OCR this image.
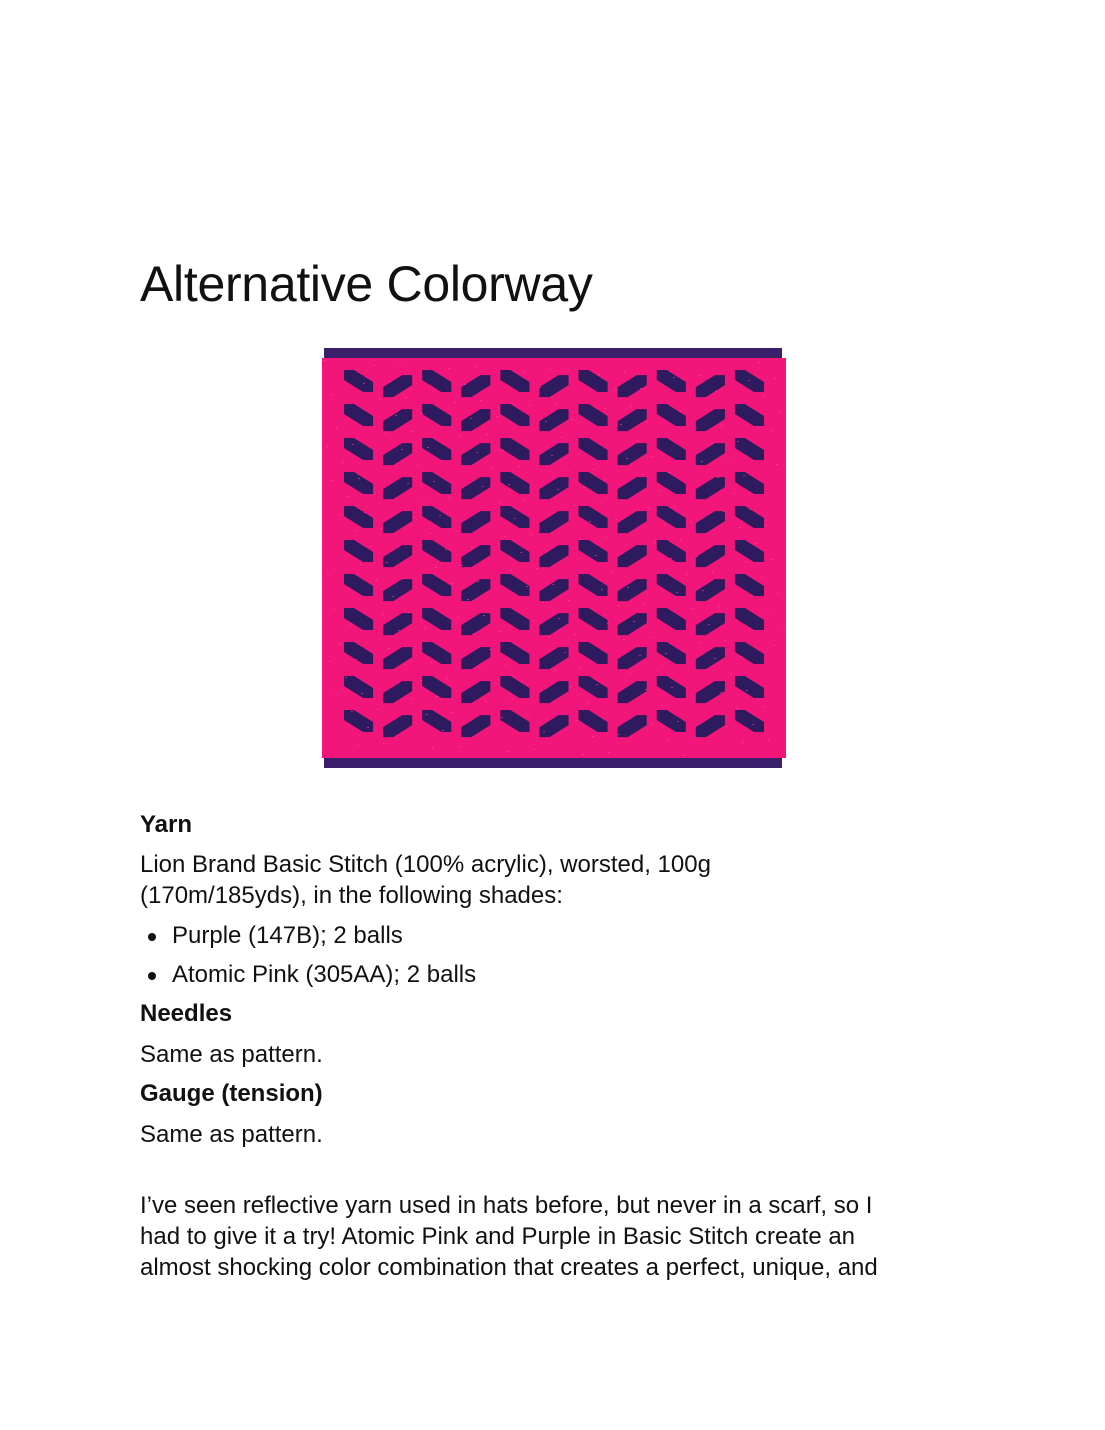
Alternative Colorway
Yarn

Lion Brand Basic Stitch (100% acrylic), worsted, 100g

(170m/185yds), in the following shades:

Purple (147B); 2 balls
Atomic Pink (305AA); 2 balls
Needles

Same as pattern.

Gauge (tension)

Same as pattern.

I’ve seen reflective yarn used in hats before, but never in a scarf, so I

had to give it a try! Atomic Pink and Purple in Basic Stitch create an

almost shocking color combination that creates a perfect, unique, and
